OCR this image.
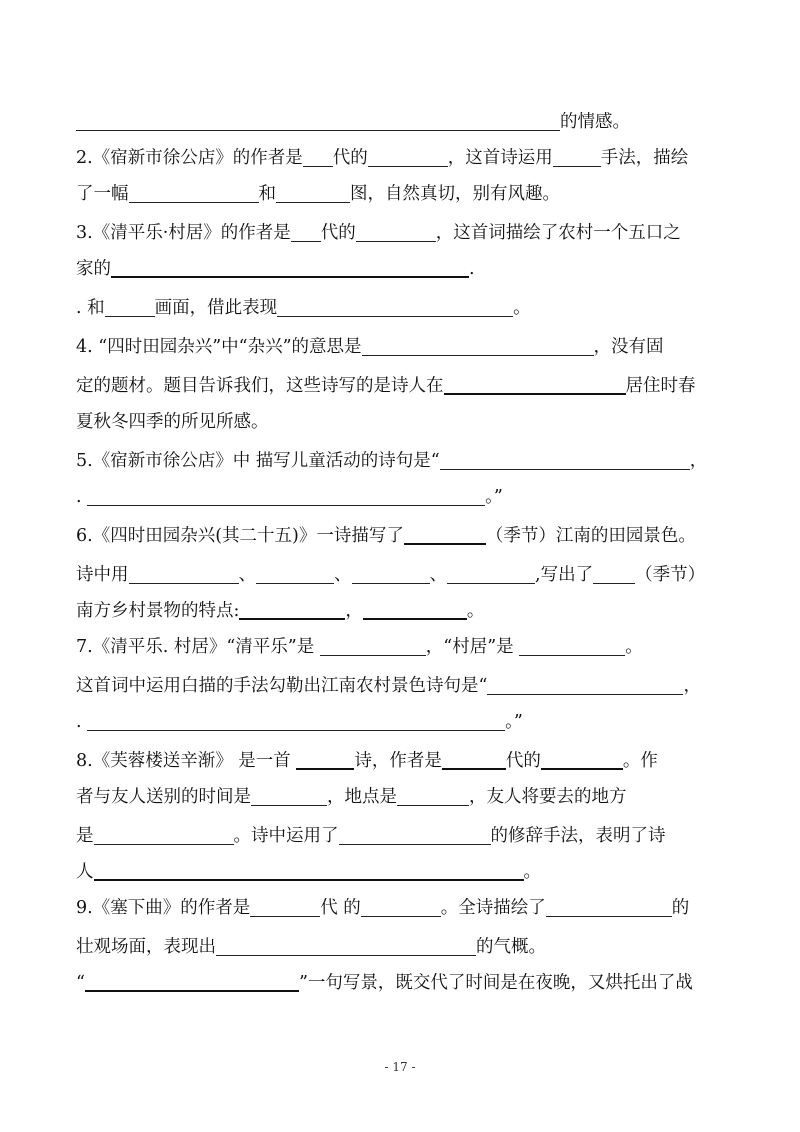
的情感。
2.《宿新市徐公店》的作者是 代的	，这首诗运用	手法，描绘
了一幅	和	图，自然真切，别有风趣。
3.《清平乐·村居》的作者是 代的	，这首词描绘了农村一个五口之
家的	.
. 和	画面，借此表现	。
4. “四时田园杂兴”中“杂兴”的意思是	，没有固
定的题材。题目告诉我们，这些诗写的是诗人在	居住时春
夏秋冬四季的所见所感。
5.《宿新市徐公店》中 描写儿童活动的诗句是“	，
.	。”
6.《四时田园杂兴(其二十五)》一诗描写了	（季节）江南的田园景色。
诗中用	、	、	、	,写出了 （季节）
南方乡村景物的特点:	，	。
7.《清平乐. 村居》“清平乐”是	，“村居”是	。
这首词中运用白描的手法勾勒出江南农村景色诗句是“	，
.	。”
8.《芙蓉楼送辛渐》 是一首	诗，作者是	代的	。作
者与友人送别的时间是	，地点是	，友人将要去的地方
是	。诗中运用了	的修辞手法，表明了诗
人	。
9.《塞下曲》的作者是	代 的	。全诗描绘了	的
壮观场面，表现出	的气概。
“	”一句写景，既交代了时间是在夜晚，又烘托出了战
- 17 -
